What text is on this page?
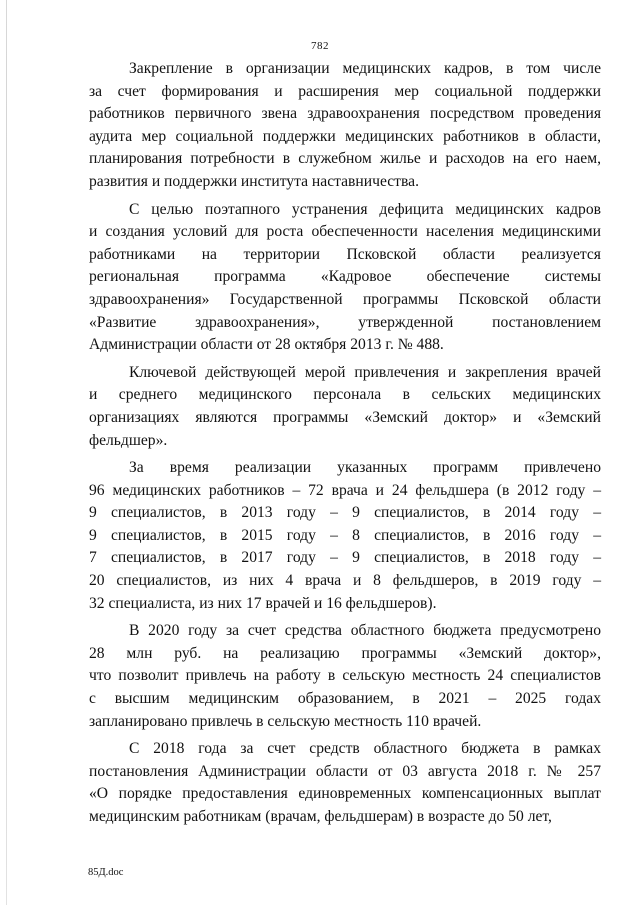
782
Закрепление в организации медицинских кадров, в том числе
за счет формирования и расширения мер социальной поддержки
работников первичного звена здравоохранения посредством проведения
аудита мер социальной поддержки медицинских работников в области,
планирования потребности в служебном жилье и расходов на его наем,
развития и поддержки института наставничества.
С целью поэтапного устранения дефицита медицинских кадров
и создания условий для роста обеспеченности населения медицинскими
работниками на территории Псковской области реализуется
региональная программа «Кадровое обеспечение системы
здравоохранения» Государственной программы Псковской области
«Развитие здравоохранения», утвержденной постановлением
Администрации области от 28 октября 2013 г. № 488.
Ключевой действующей мерой привлечения и закрепления врачей
и среднего медицинского персонала в сельских медицинских
организациях являются программы «Земский доктор» и «Земский
фельдшер».
За время реализации указанных программ привлечено
96 медицинских работников – 72 врача и 24 фельдшера (в 2012 году –
9 специалистов, в 2013 году – 9 специалистов, в 2014 году –
9 специалистов, в 2015 году – 8 специалистов, в 2016 году –
7 специалистов, в 2017 году – 9 специалистов, в 2018 году –
20 специалистов, из них 4 врача и 8 фельдшеров, в 2019 году –
32 специалиста, из них 17 врачей и 16 фельдшеров).
В 2020 году за счет средства областного бюджета предусмотрено
28 млн руб. на реализацию программы «Земский доктор»,
что позволит привлечь на работу в сельскую местность 24 специалистов
с высшим медицинским образованием, в 2021 – 2025 годах
запланировано привлечь в сельскую местность 110 врачей.
С 2018 года за счет средств областного бюджета в рамках
постановления Администрации области от 03 августа 2018 г. № 257
«О порядке предоставления единовременных компенсационных выплат
медицинским работникам (врачам, фельдшерам) в возрасте до 50 лет,
85Д.doc
